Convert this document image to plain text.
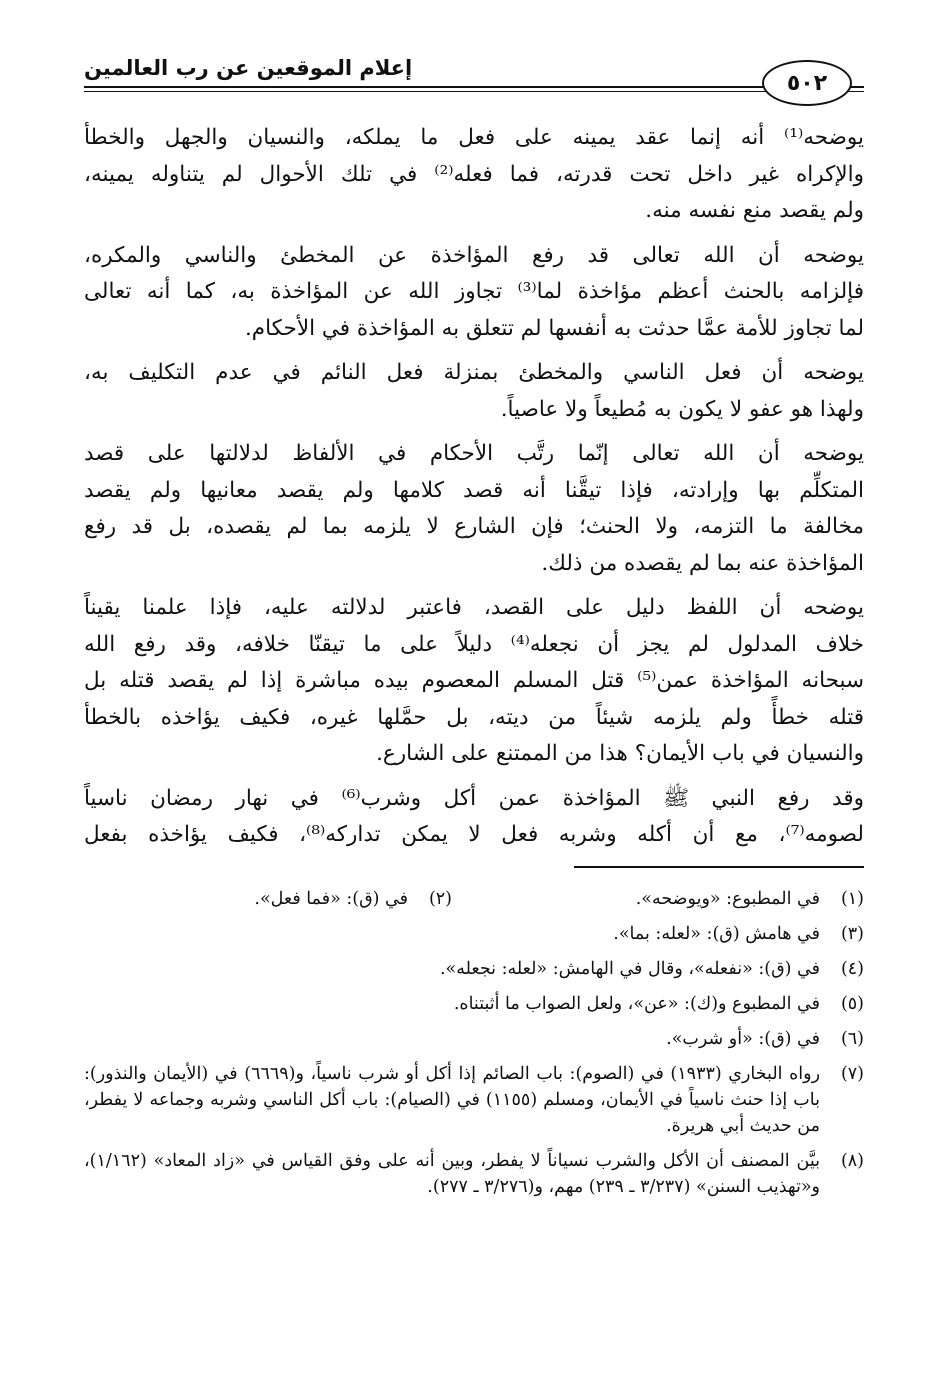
٥٠٢
إعلام الموقعين عن رب العالمين

يوضحه⁽¹⁾ أنه إنما عقد يمينه على فعل ما يملكه، والنسيان والجهل والخطأ
والإكراه غير داخل تحت قدرته، فما فعله⁽²⁾ في تلك الأحوال لم يتناوله يمينه،
ولم يقصد منع نفسه منه.

يوضحه أن الله تعالى قد رفع المؤاخذة عن المخطئ والناسي والمكره،
فإلزامه بالحنث أعظم مؤاخذة لما⁽³⁾ تجاوز الله عن المؤاخذة به، كما أنه تعالى
لما تجاوز للأمة عمَّا حدثت به أنفسها لم تتعلق به المؤاخذة في الأحكام.

يوضحه أن فعل الناسي والمخطئ بمنزلة فعل النائم في عدم التكليف به،
ولهذا هو عفو لا يكون به مُطيعاً ولا عاصياً.

يوضحه أن الله تعالى إنّما رتَّب الأحكام في الألفاظ لدلالتها على قصد
المتكلِّم بها وإرادته، فإذا تيقَّنا أنه قصد كلامها ولم يقصد معانيها ولم يقصد
مخالفة ما التزمه، ولا الحنث؛ فإن الشارع لا يلزمه بما لم يقصده، بل قد رفع
المؤاخذة عنه بما لم يقصده من ذلك.

يوضحه أن اللفظ دليل على القصد، فاعتبر لدلالته عليه، فإذا علمنا يقيناً
خلاف المدلول لم يجز أن نجعله⁽⁴⁾ دليلاً على ما تيقنّا خلافه، وقد رفع الله
سبحانه المؤاخذة عمن⁽⁵⁾ قتل المسلم المعصوم بيده مباشرة إذا لم يقصد قتله بل
قتله خطأً ولم يلزمه شيئاً من ديته، بل حمَّلها غيره، فكيف يؤاخذه بالخطأ
والنسيان في باب الأيمان؟ هذا من الممتنع على الشارع.

وقد رفع النبي ﷺ المؤاخذة عمن أكل وشرب⁽⁶⁾ في نهار رمضان ناسياً
لصومه⁽⁷⁾، مع أن أكله وشربه فعل لا يمكن تداركه⁽⁸⁾، فكيف يؤاخذه بفعل

(١)
في المطبوع: «ويوضحه».
(٢)
في (ق): «فما فعل».
(٣)
في هامش (ق): «لعله: بما».
(٤)
في (ق): «نفعله»، وقال في الهامش: «لعله: نجعله».
(٥)
في المطبوع و(ك): «عن»، ولعل الصواب ما أثبتناه.
(٦)
في (ق): «أو شرب».
(٧)
رواه البخاري (١٩٣٣) في (الصوم): باب الصائم إذا أكل أو شرب ناسياً، و(٦٦٦٩) في (الأيمان والنذور): باب إذا حنث ناسياً في الأيمان، ومسلم (١١٥٥) في (الصيام): باب أكل الناسي وشربه وجماعه لا يفطر، من حديث أبي هريرة.
(٨)
بيَّن المصنف أن الأكل والشرب نسياناً لا يفطر، وبين أنه على وفق القياس في «زاد المعاد» (١/١٦٢)، و«تهذيب السنن» (٣/٢٣٧ ـ ٢٣٩) مهم، و(٣/٢٧٦ ـ ٢٧٧).
